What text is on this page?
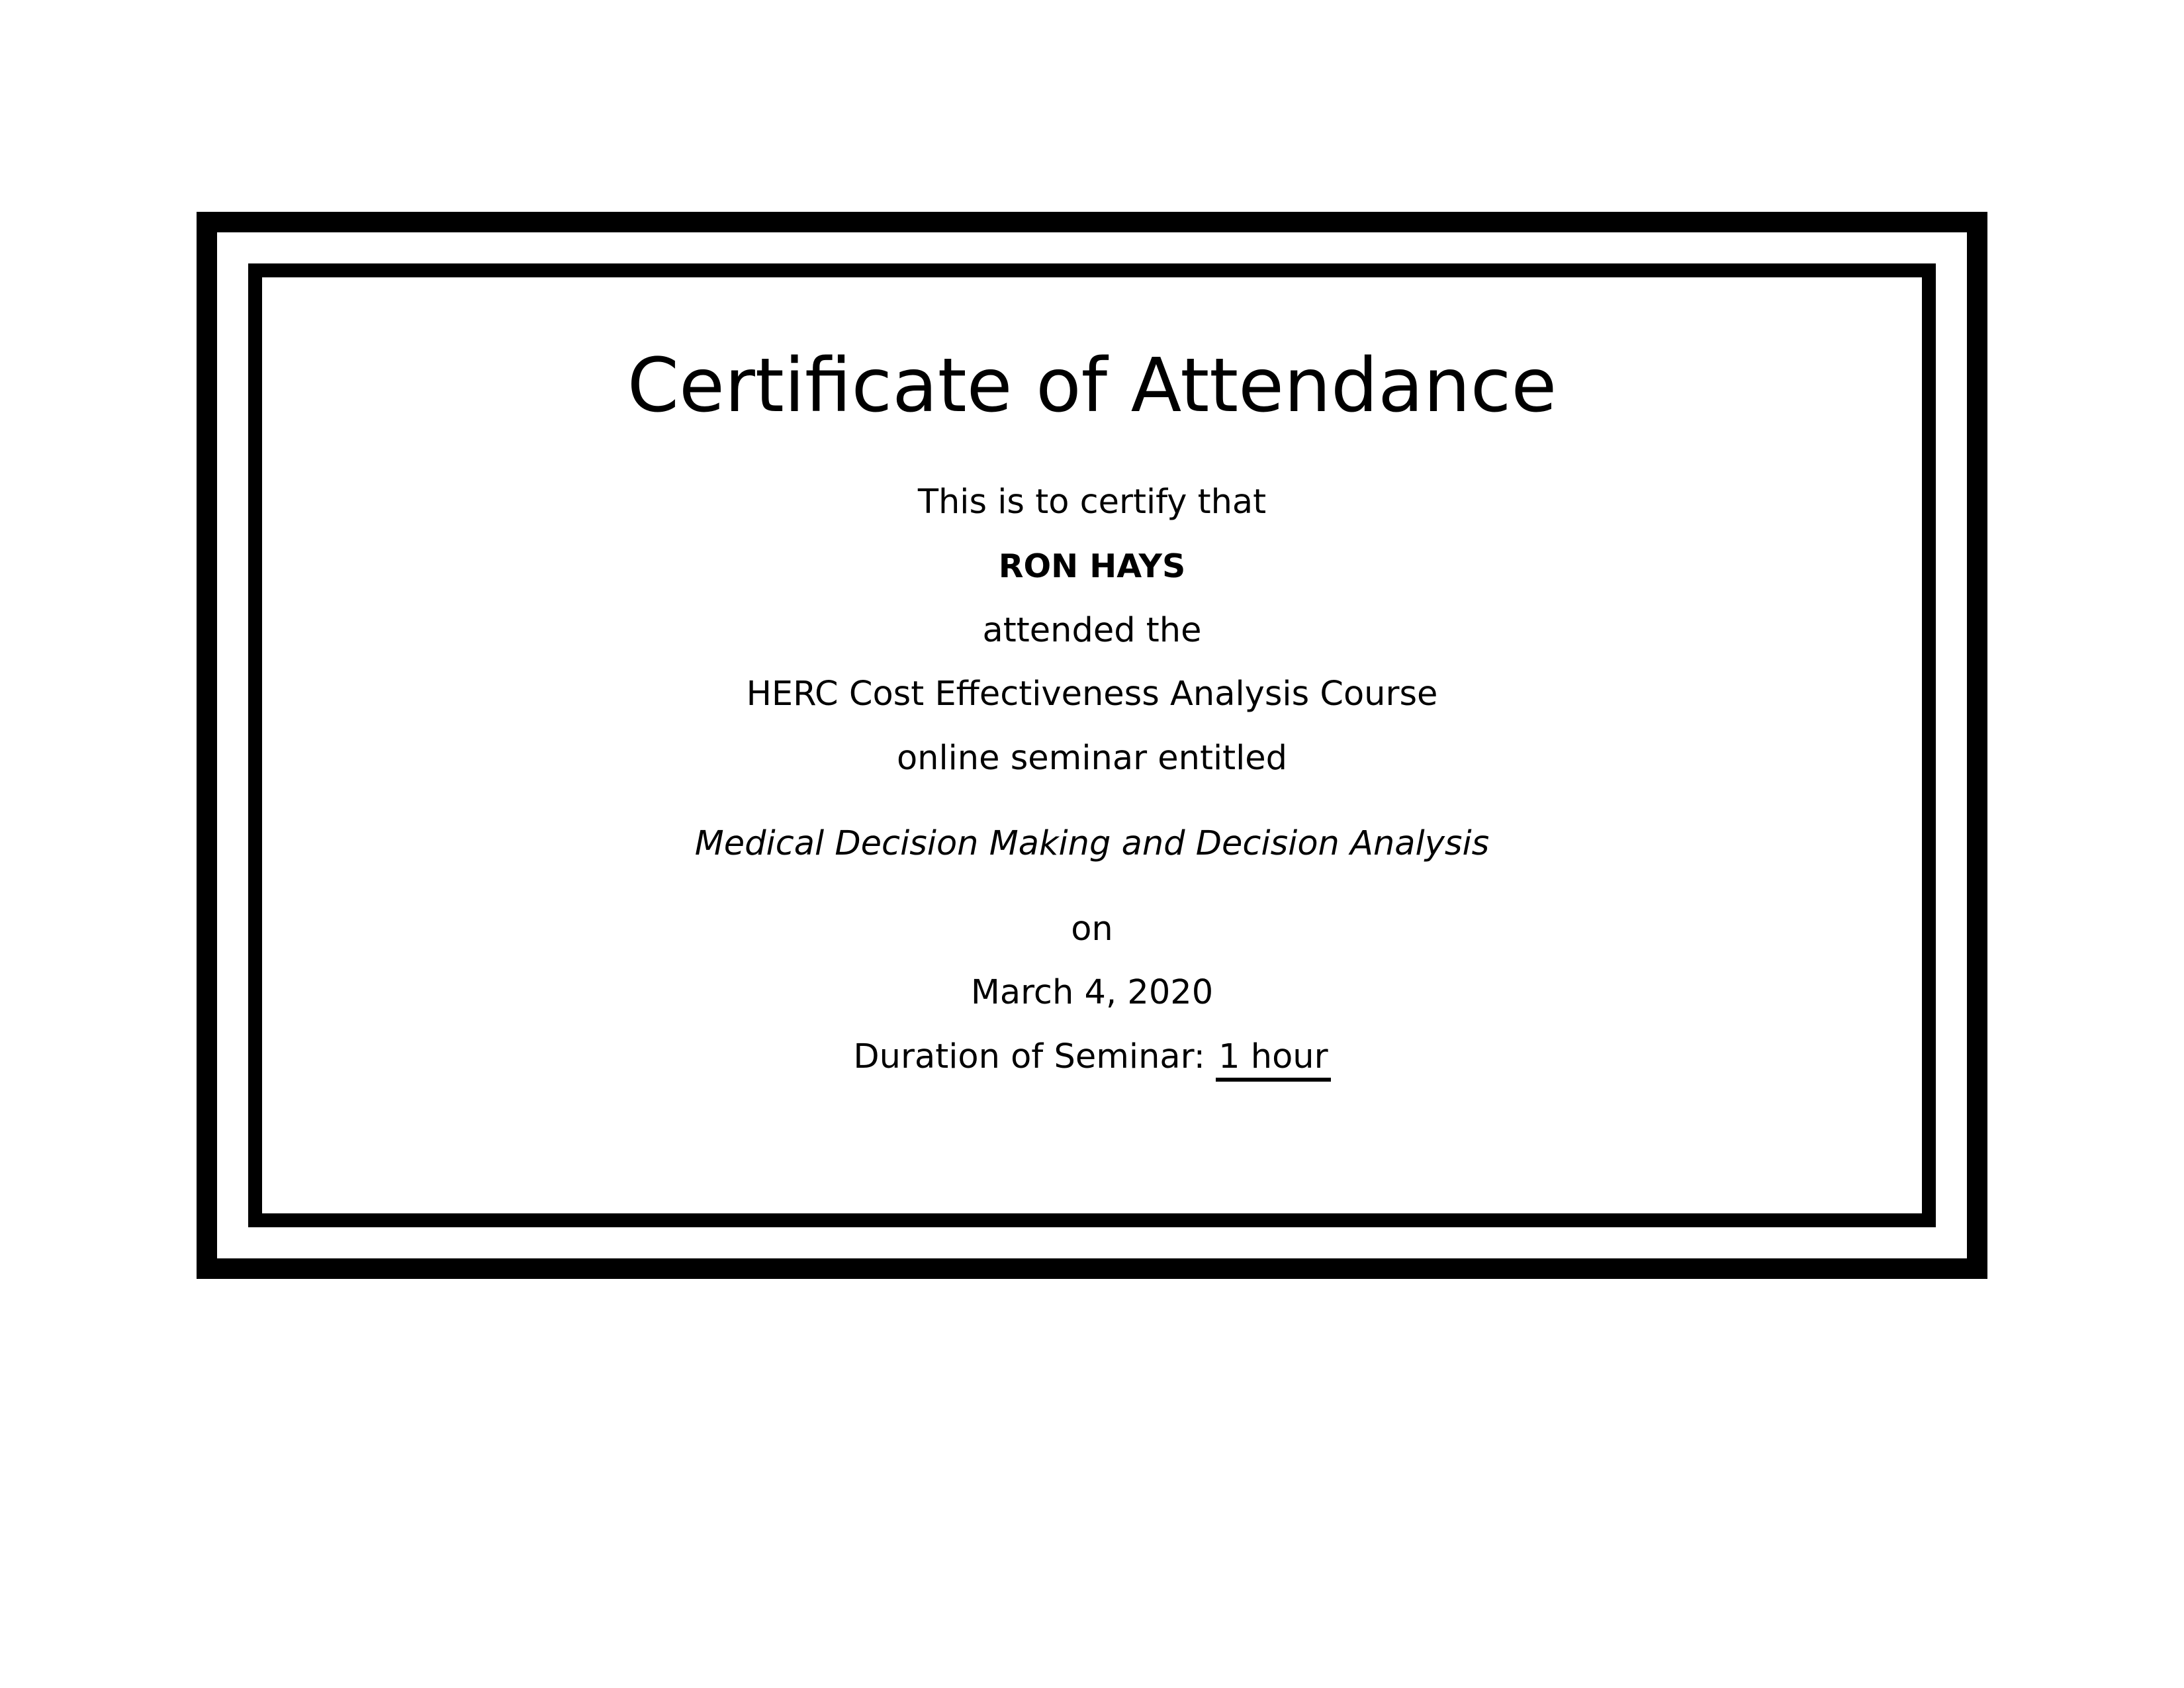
Certificate of Attendance
This is to certify that
RON HAYS
attended the
HERC Cost Effectiveness Analysis Course
online seminar entitled
Medical Decision Making and Decision Analysis
on
March 4, 2020
Duration of Seminar: 1 hour
